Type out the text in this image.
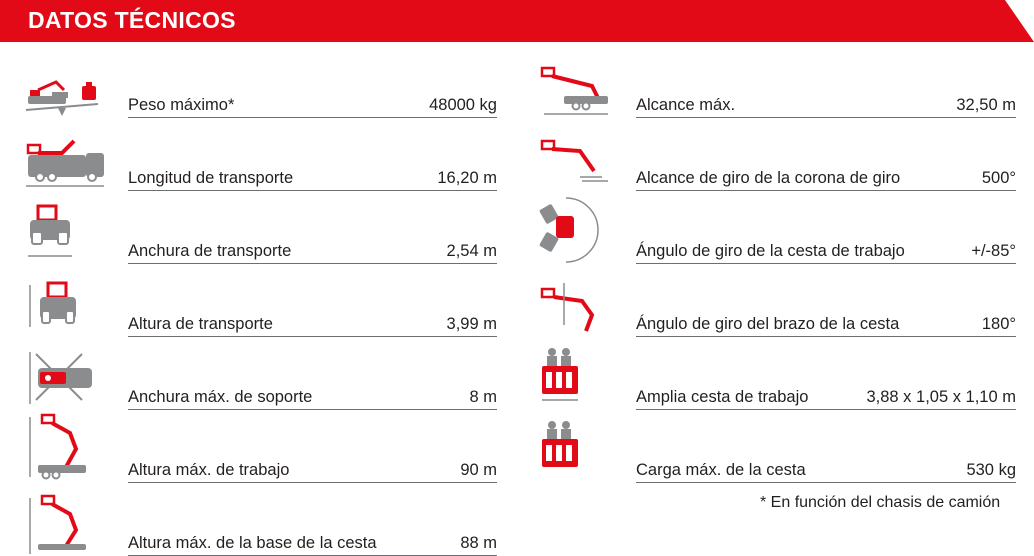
DATOS TÉCNICOS
Peso máximo*	48000 kg
Longitud de transporte	16,20 m
Anchura de transporte	2,54 m
Altura de transporte	3,99 m
Anchura máx. de soporte	8 m
Altura máx. de trabajo	90 m
Altura máx. de la base de la cesta	88 m
Alcance máx.	32,50 m
Alcance de giro de la corona de giro	500°
Ángulo de giro de la cesta de trabajo	+/-85°
Ángulo de giro del brazo de la cesta	180°
Amplia cesta de trabajo	3,88 x 1,05 x 1,10 m
Carga máx. de la cesta	530 kg
* En función del chasis de camión
